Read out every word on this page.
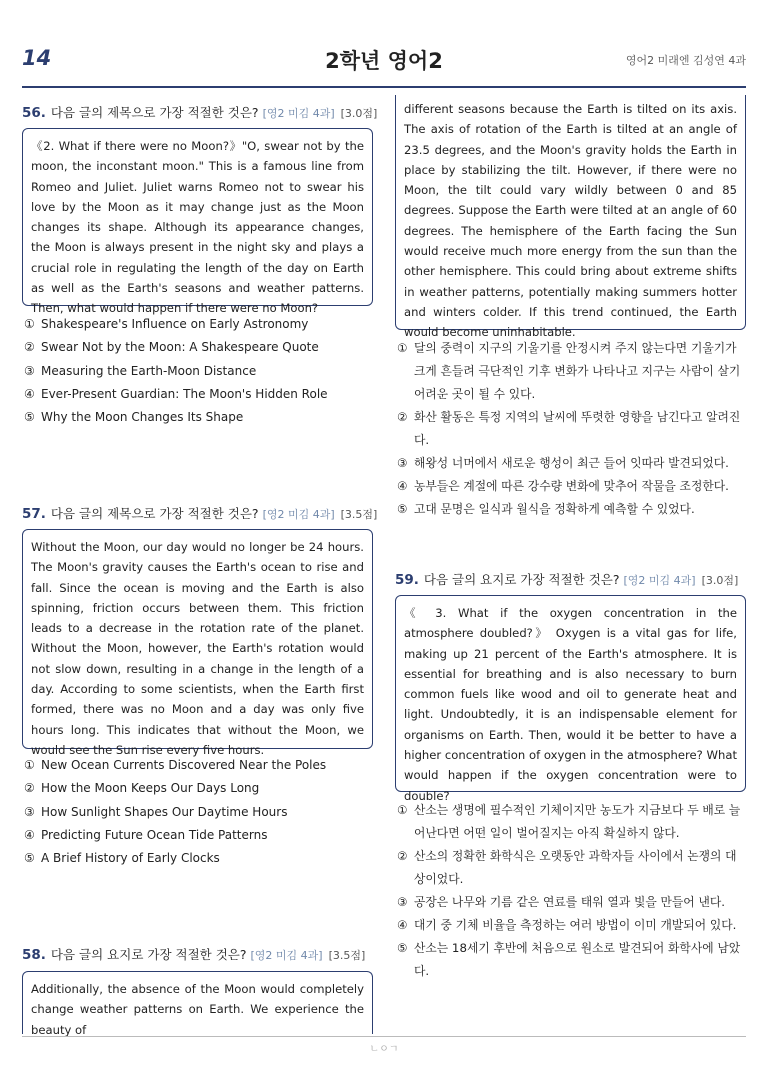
14	2학년 영어2	영어2 미래엔 김성연 4과
56. 다음 글의 제목으로 가장 적절한 것은? [영2 미김 4과] [3.0점]
《2. What if there were no Moon?》"O, swear not by the moon, the inconstant moon." This is a famous line from Romeo and Juliet. Juliet warns Romeo not to swear his love by the Moon as it may change just as the Moon changes its shape. Although its appearance changes, the Moon is always present in the night sky and plays a crucial role in regulating the length of the day on Earth as well as the Earth's seasons and weather patterns. Then, what would happen if there were no Moon?
① Shakespeare's Influence on Early Astronomy
② Swear Not by the Moon: A Shakespeare Quote
③ Measuring the Earth-Moon Distance
④ Ever-Present Guardian: The Moon's Hidden Role
⑤ Why the Moon Changes Its Shape
57. 다음 글의 제목으로 가장 적절한 것은? [영2 미김 4과] [3.5점]
Without the Moon, our day would no longer be 24 hours. The Moon's gravity causes the Earth's ocean to rise and fall. Since the ocean is moving and the Earth is also spinning, friction occurs between them. This friction leads to a decrease in the rotation rate of the planet. Without the Moon, however, the Earth's rotation would not slow down, resulting in a change in the length of a day. According to some scientists, when the Earth first formed, there was no Moon and a day was only five hours long. This indicates that without the Moon, we would see the Sun rise every five hours.
① New Ocean Currents Discovered Near the Poles
② How the Moon Keeps Our Days Long
③ How Sunlight Shapes Our Daytime Hours
④ Predicting Future Ocean Tide Patterns
⑤ A Brief History of Early Clocks
58. 다음 글의 요지로 가장 적절한 것은? [영2 미김 4과] [3.5점]
Additionally, the absence of the Moon would completely change weather patterns on Earth. We experience the beauty of
different seasons because the Earth is tilted on its axis. The axis of rotation of the Earth is tilted at an angle of 23.5 degrees, and the Moon's gravity holds the Earth in place by stabilizing the tilt. However, if there were no Moon, the tilt could vary wildly between 0 and 85 degrees. Suppose the Earth were tilted at an angle of 60 degrees. The hemisphere of the Earth facing the Sun would receive much more energy from the sun than the other hemisphere. This could bring about extreme shifts in weather patterns, potentially making summers hotter and winters colder. If this trend continued, the Earth would become uninhabitable.
① 달의 중력이 지구의 기울기를 안정시켜 주지 않는다면 기울기가 크게 흔들려 극단적인 기후 변화가 나타나고 지구는 사람이 살기 어려운 곳이 될 수 있다.
② 화산 활동은 특정 지역의 날씨에 뚜렷한 영향을 남긴다고 알려진다.
③ 해왕성 너머에서 새로운 행성이 최근 들어 잇따라 발견되었다.
④ 농부들은 계절에 따른 강수량 변화에 맞추어 작물을 조정한다.
⑤ 고대 문명은 일식과 월식을 정확하게 예측할 수 있었다.
59. 다음 글의 요지로 가장 적절한 것은? [영2 미김 4과] [3.0점]
《 3. What if the oxygen concentration in the atmosphere doubled?》 Oxygen is a vital gas for life, making up 21 percent of the Earth's atmosphere. It is essential for breathing and is also necessary to burn common fuels like wood and oil to generate heat and light. Undoubtedly, it is an indispensable element for organisms on Earth. Then, would it be better to have a higher concentration of oxygen in the atmosphere? What would happen if the oxygen concentration were to double?
① 산소는 생명에 필수적인 기체이지만 농도가 지금보다 두 배로 늘어난다면 어떤 일이 벌어질지는 아직 확실하지 않다.
② 산소의 정확한 화학식은 오랫동안 과학자들 사이에서 논쟁의 대상이었다.
③ 공장은 나무와 기름 같은 연료를 태워 열과 빛을 만들어 낸다.
④ 대기 중 기체 비율을 측정하는 여러 방법이 이미 개발되어 있다.
⑤ 산소는 18세기 후반에 처음으로 원소로 발견되어 화학사에 남았다.
ㄴㅇㄱ
